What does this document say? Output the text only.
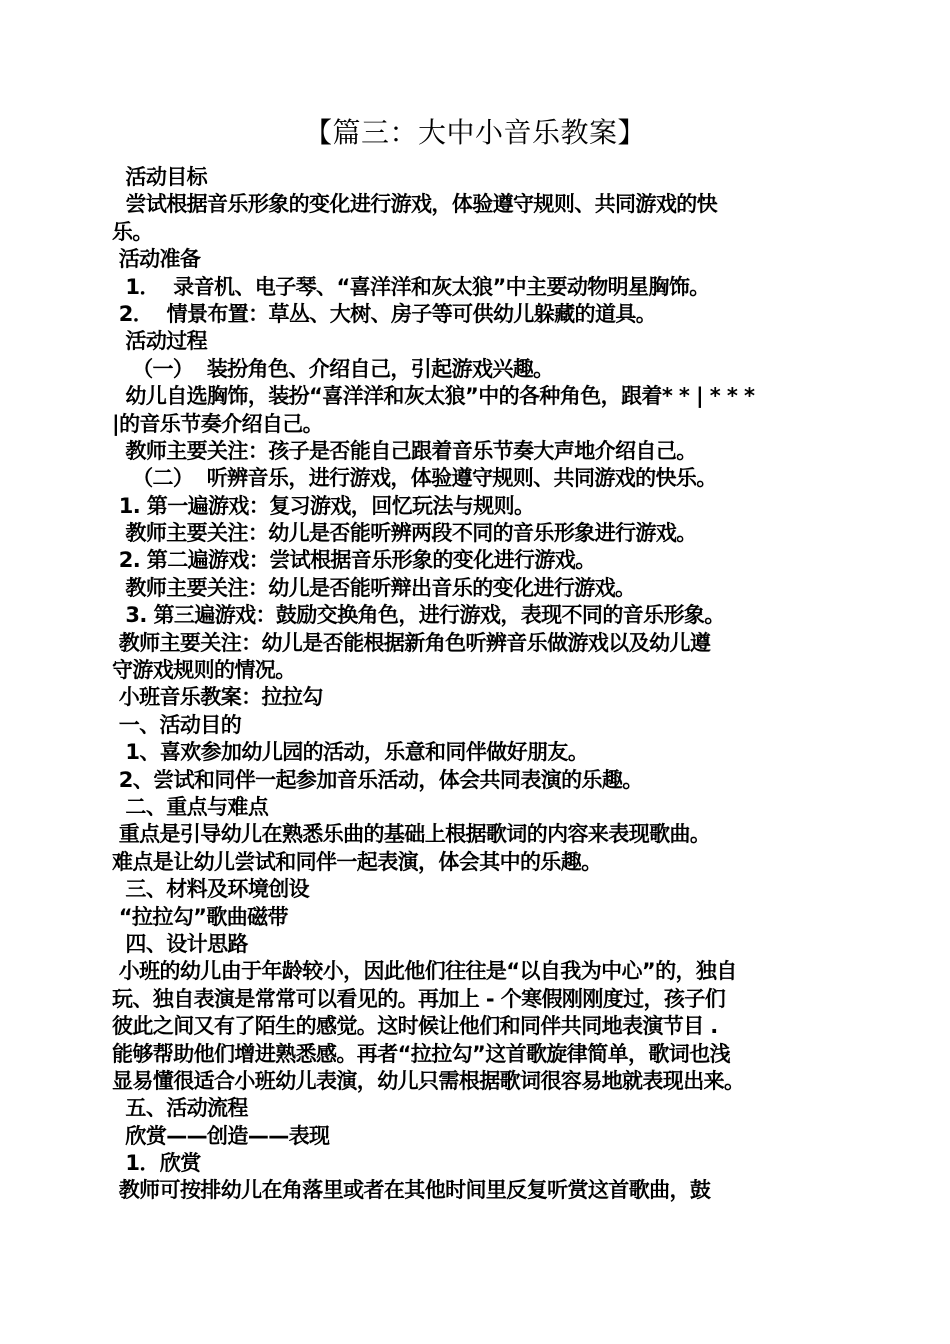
【篇三：大中小音乐教案】
活动目标
尝试根据音乐形象的变化进行游戏，体验遵守规则、共同游戏的快
乐。
活动准备
1．  录音机、电子琴、“喜洋洋和灰太狼”中主要动物明星胸饰。
2．  情景布置：草丛、大树、房子等可供幼儿躲藏的道具。
活动过程
（一）  装扮角色、介绍自己，引起游戏兴趣。
幼儿自选胸饰，装扮“喜洋洋和灰太狼”中的各种角色，跟着* * | * * *
|的音乐节奏介绍自己。
教师主要关注：孩子是否能自己跟着音乐节奏大声地介绍自己。
（二）  听辨音乐，进行游戏，体验遵守规则、共同游戏的快乐。
1. 第一遍游戏：复习游戏，回忆玩法与规则。
教师主要关注：幼儿是否能听辨两段不同的音乐形象进行游戏。
2. 第二遍游戏：尝试根据音乐形象的变化进行游戏。
教师主要关注：幼儿是否能听辩出音乐的变化进行游戏。
3. 第三遍游戏：鼓励交换角色，进行游戏，表现不同的音乐形象。
教师主要关注：幼儿是否能根据新角色听辨音乐做游戏以及幼儿遵
守游戏规则的情况。
小班音乐教案：拉拉勾
一、活动目的
1、喜欢参加幼儿园的活动，乐意和同伴做好朋友。
2、尝试和同伴一起参加音乐活动，体会共同表演的乐趣。
二、重点与难点
重点是引导幼儿在熟悉乐曲的基础上根据歌词的内容来表现歌曲。
难点是让幼儿尝试和同伴一起表演，体会其中的乐趣。
三、材料及环境创设
“拉拉勾”歌曲磁带
四、设计思路
小班的幼儿由于年龄较小，因此他们往往是“以自我为中心”的，独自
玩、独自表演是常常可以看见的。再加上 - 个寒假刚刚度过，孩子们
彼此之间又有了陌生的感觉。这时候让他们和同伴共同地表演节目 .
能够帮助他们增进熟悉感。再者“拉拉勾”这首歌旋律简单，歌词也浅
显易懂很适合小班幼儿表演，幼儿只需根据歌词很容易地就表现出来。
五、活动流程
欣赏——创造——表现
1．欣赏
教师可按排幼儿在角落里或者在其他时间里反复听赏这首歌曲，鼓
